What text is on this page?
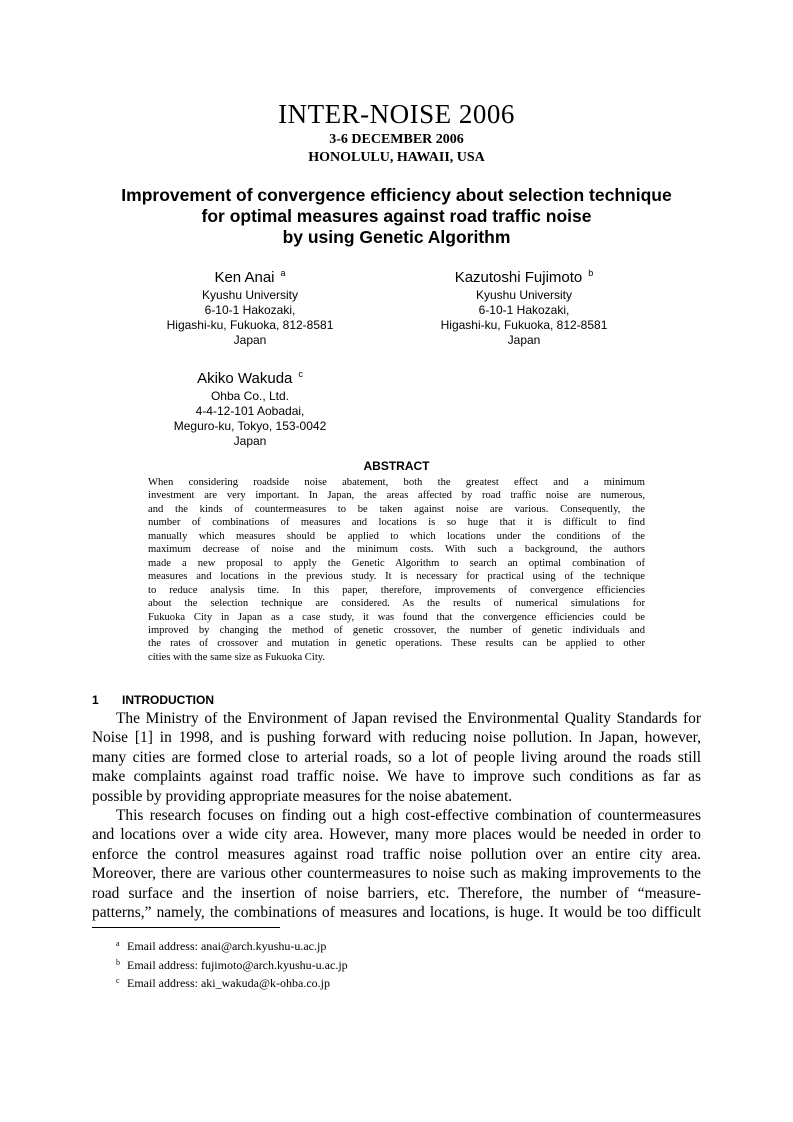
INTER-NOISE 2006
3-6 DECEMBER 2006
HONOLULU, HAWAII, USA
Improvement of convergence efficiency about selection technique
for optimal measures against road traffic noise
by using Genetic Algorithm
Ken Anai $^a$
Kyushu University
6-10-1 Hakozaki,
Higashi-ku, Fukuoka, 812-8581
Japan
Kazutoshi Fujimoto $^b$
Kyushu University
6-10-1 Hakozaki,
Higashi-ku, Fukuoka, 812-8581
Japan
Akiko Wakuda $^c$
Ohba Co., Ltd.
4-4-12-101 Aobadai,
Meguro-ku, Tokyo, 153-0042
Japan
ABSTRACT
When considering roadside noise abatement, both the greatest effect and a minimum
investment are very important. In Japan, the areas affected by road traffic noise are numerous,
and the kinds of countermeasures to be taken against noise are various. Consequently, the
number of combinations of measures and locations is so huge that it is difficult to find
manually which measures should be applied to which locations under the conditions of the
maximum decrease of noise and the minimum costs. With such a background, the authors
made a new proposal to apply the Genetic Algorithm to search an optimal combination of
measures and locations in the previous study. It is necessary for practical using of the technique
to reduce analysis time. In this paper, therefore, improvements of convergence efficiencies
about the selection technique are considered. As the results of numerical simulations for
Fukuoka City in Japan as a case study, it was found that the convergence efficiencies could be
improved by changing the method of genetic crossover, the number of genetic individuals and
the rates of crossover and mutation in genetic operations. These results can be applied to other
cities with the same size as Fukuoka City.
1 INTRODUCTION
The Ministry of the Environment of Japan revised the Environmental Quality Standards for
Noise [1] in 1998, and is pushing forward with reducing noise pollution. In Japan, however,
many cities are formed close to arterial roads, so a lot of people living around the roads still
make complaints against road traffic noise. We have to improve such conditions as far as
possible by providing appropriate measures for the noise abatement.
This research focuses on finding out a high cost-effective combination of countermeasures
and locations over a wide city area. However, many more places would be needed in order to
enforce the control measures against road traffic noise pollution over an entire city area.
Moreover, there are various other countermeasures to noise such as making improvements to the
road surface and the insertion of noise barriers, etc. Therefore, the number of “measure-
patterns,” namely, the combinations of measures and locations, is huge. It would be too difficult
$^a$ Email address: anai@arch.kyushu-u.ac.jp
$^b$ Email address: fujimoto@arch.kyushu-u.ac.jp
$^c$ Email address: aki_wakuda@k-ohba.co.jp
